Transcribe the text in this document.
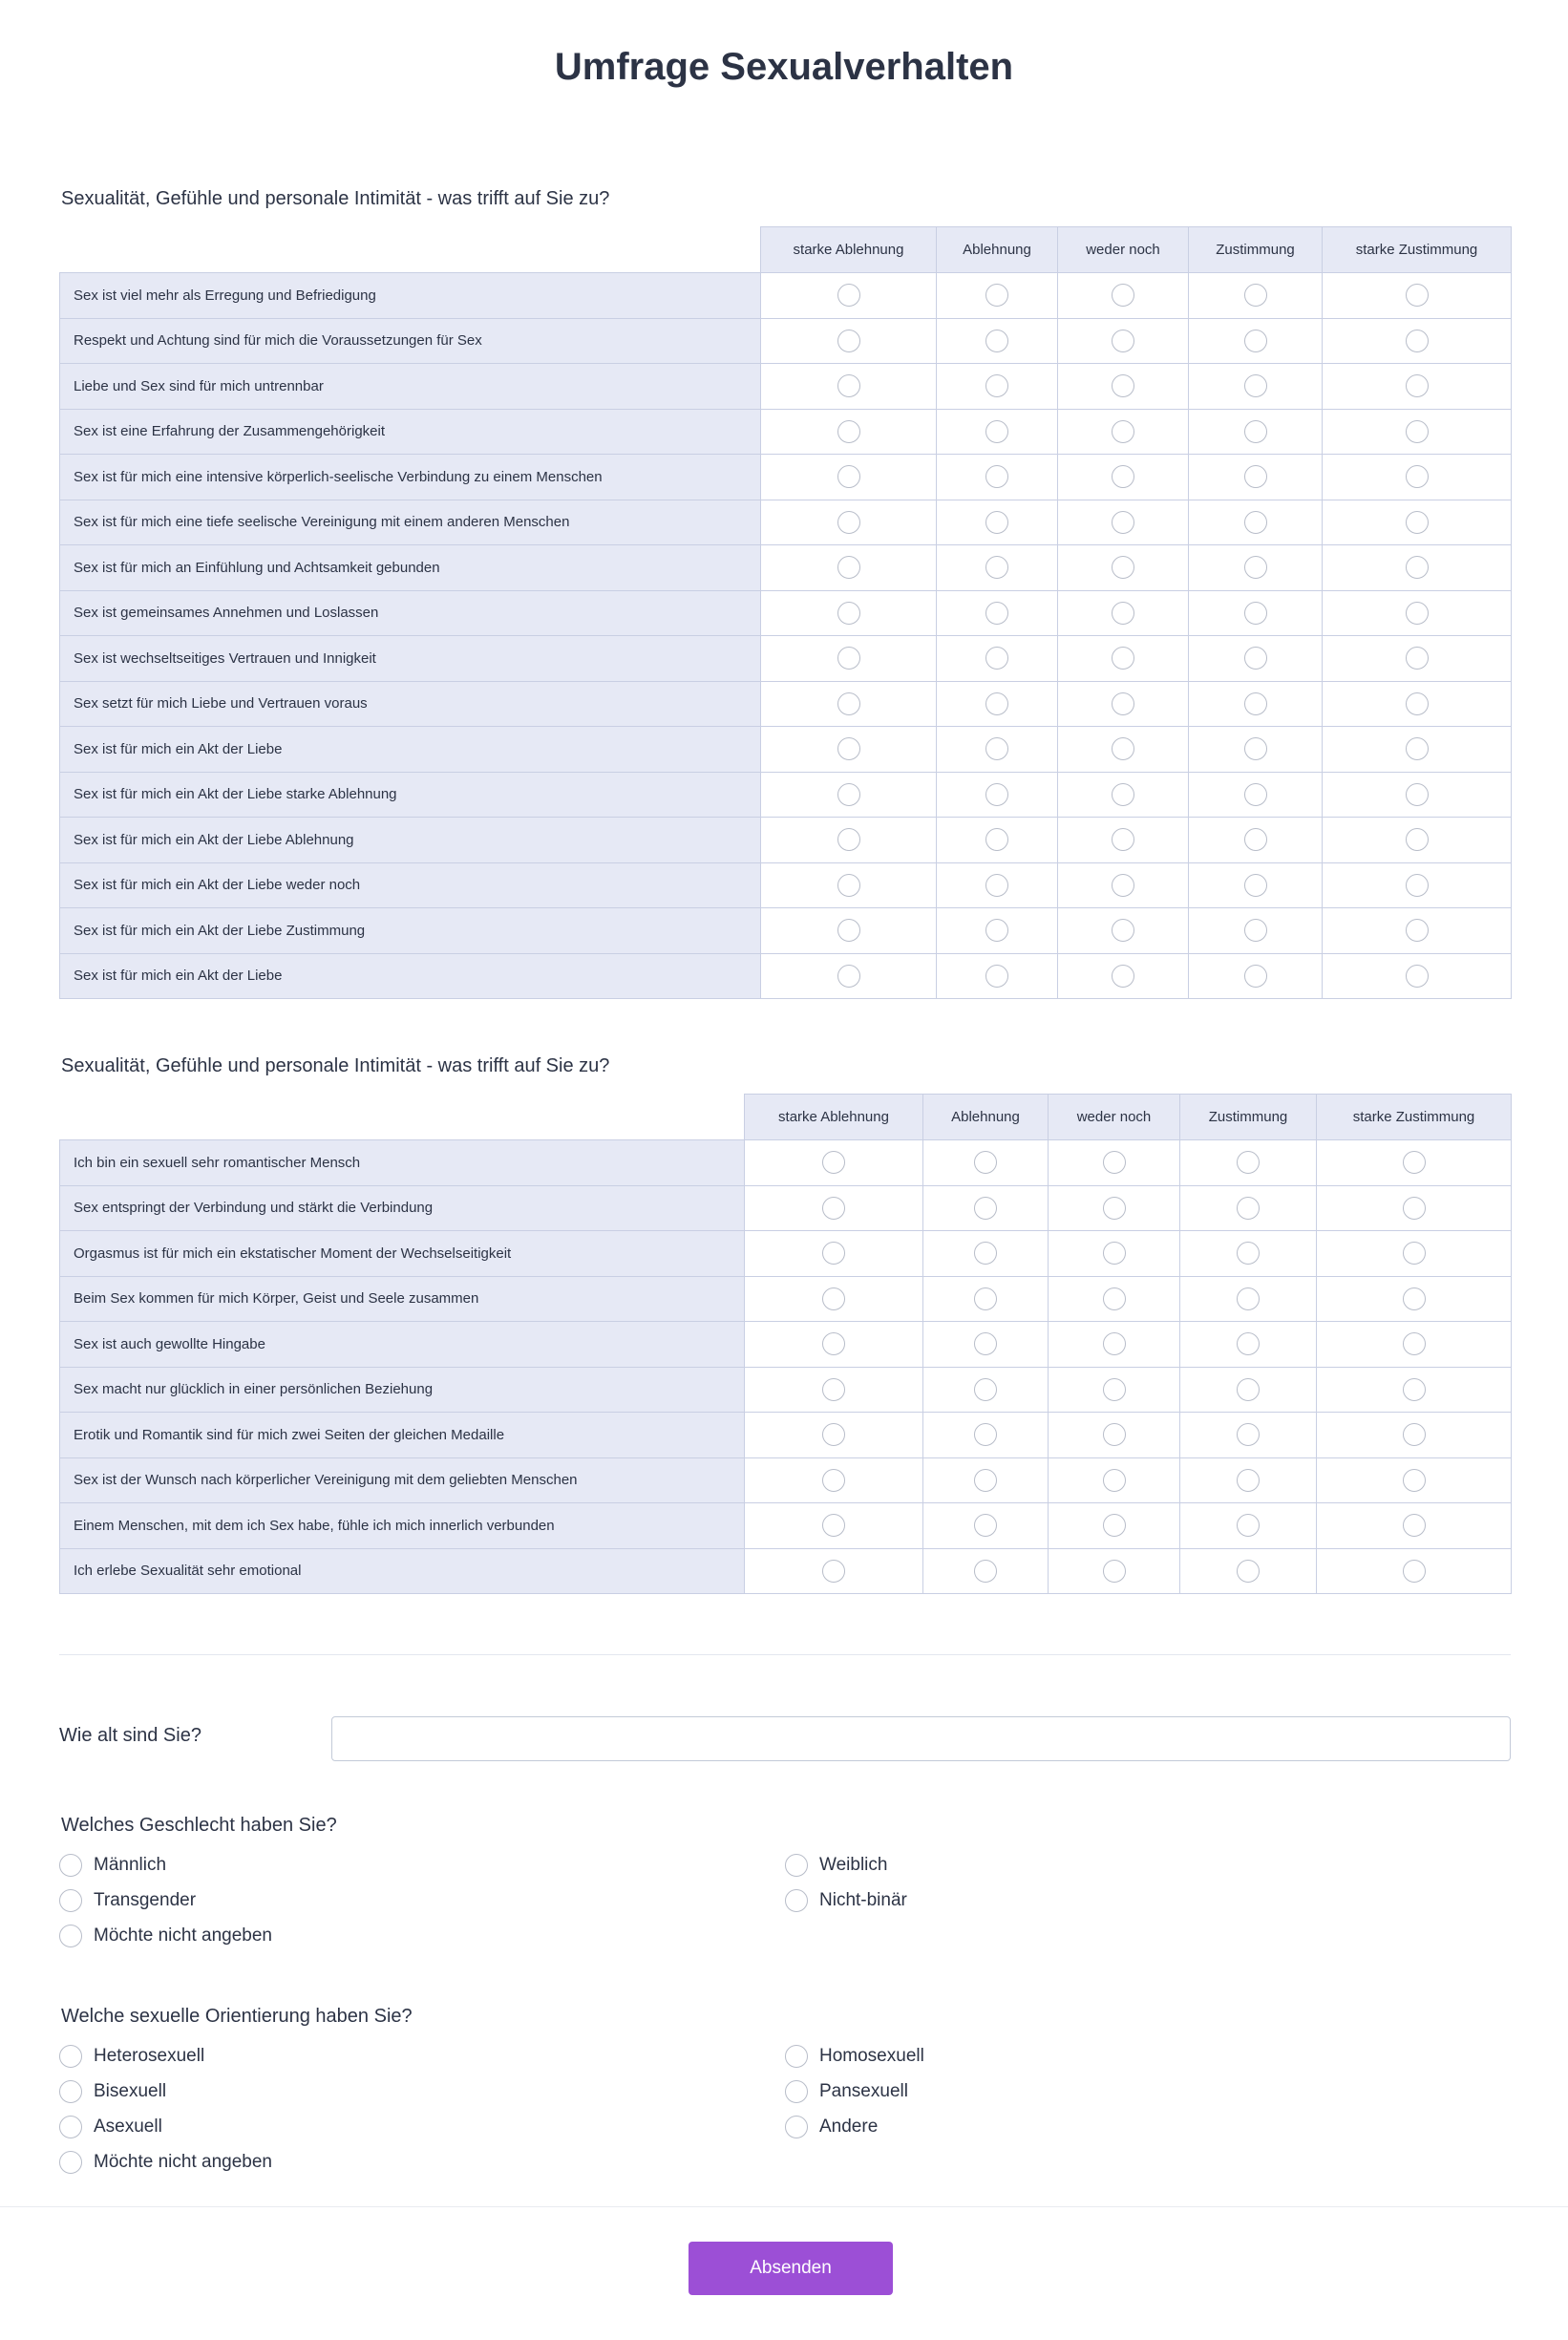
Umfrage Sexualverhalten
Sexualität, Gefühle und personale Intimität - was trifft auf Sie zu?
	starke Ablehnung	Ablehnung	weder noch	Zustimmung	starke Zustimmung
Sex ist viel mehr als Erregung und Befriedigung					
Respekt und Achtung sind für mich die Voraussetzungen für Sex					
Liebe und Sex sind für mich untrennbar					
Sex ist eine Erfahrung der Zusammengehörigkeit					
Sex ist für mich eine intensive körperlich-seelische Verbindung zu einem Menschen					
Sex ist für mich eine tiefe seelische Vereinigung mit einem anderen Menschen					
Sex ist für mich an Einfühlung und Achtsamkeit gebunden					
Sex ist gemeinsames Annehmen und Loslassen					
Sex ist wechseltseitiges Vertrauen und Innigkeit					
Sex setzt für mich Liebe und Vertrauen voraus					
Sex ist für mich ein Akt der Liebe					
Sex ist für mich ein Akt der Liebe starke Ablehnung					
Sex ist für mich ein Akt der Liebe Ablehnung					
Sex ist für mich ein Akt der Liebe weder noch					
Sex ist für mich ein Akt der Liebe Zustimmung					
Sex ist für mich ein Akt der Liebe					
Sexualität, Gefühle und personale Intimität - was trifft auf Sie zu?
	starke Ablehnung	Ablehnung	weder noch	Zustimmung	starke Zustimmung
Ich bin ein sexuell sehr romantischer Mensch					
Sex entspringt der Verbindung und stärkt die Verbindung					
Orgasmus ist für mich ein ekstatischer Moment der Wechselseitigkeit					
Beim Sex kommen für mich Körper, Geist und Seele zusammen					
Sex ist auch gewollte Hingabe					
Sex macht nur glücklich in einer persönlichen Beziehung					
Erotik und Romantik sind für mich zwei Seiten der gleichen Medaille					
Sex ist der Wunsch nach körperlicher Vereinigung mit dem geliebten Menschen					
Einem Menschen, mit dem ich Sex habe, fühle ich mich innerlich verbunden					
Ich erlebe Sexualität sehr emotional					
Wie alt sind Sie?
Welches Geschlecht haben Sie?
Männlich	Weiblich
Transgender	Nicht-binär
Möchte nicht angeben
Welche sexuelle Orientierung haben Sie?
Heterosexuell	Homosexuell
Bisexuell	Pansexuell
Asexuell	Andere
Möchte nicht angeben
Absenden
